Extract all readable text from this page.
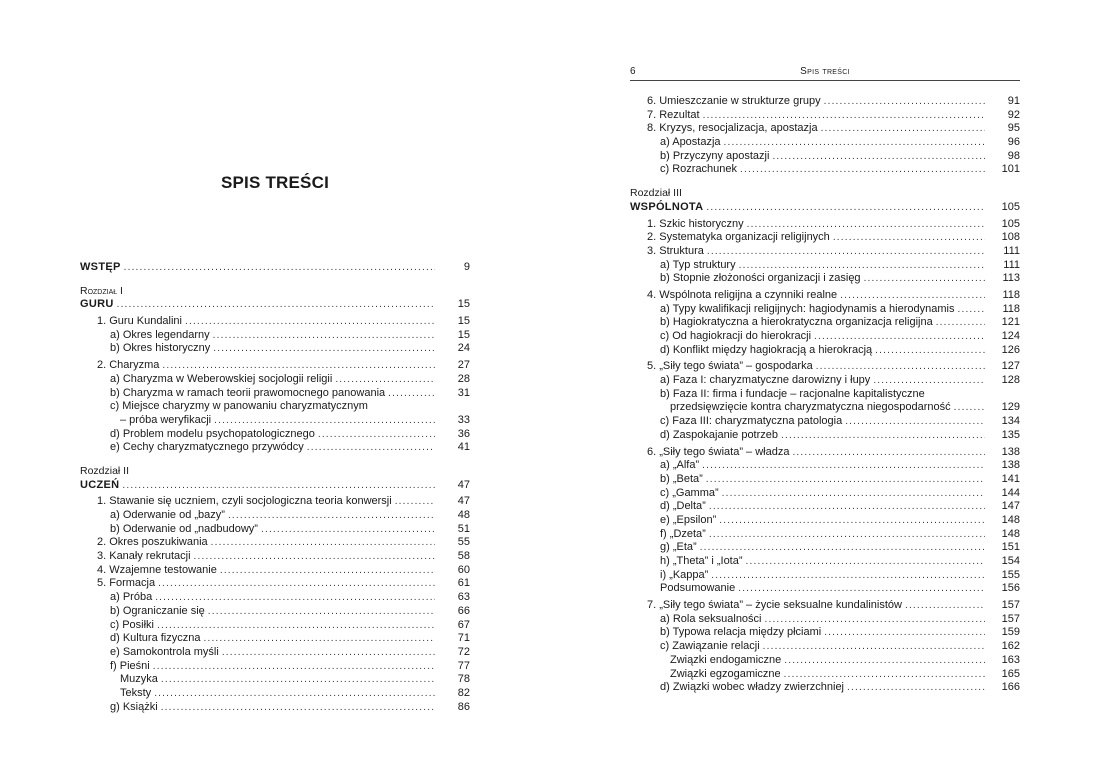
SPIS TREŚCI
WSTĘP .....	9
Rozdział I
GURU .....	15
1. Guru Kundalini .....	15
a) Okres legendarny .....	15
b) Okres historyczny .....	24
2. Charyzma .....	27
a) Charyzma w Weberowskiej socjologii religii .....	28
b) Charyzma w ramach teorii prawomocnego panowania .....	31
c) Miejsce charyzmy w panowaniu charyzmatycznym
– próba weryfikacji .....	33
d) Problem modelu psychopatologicznego .....	36
e) Cechy charyzmatycznego przywódcy .....	41
Rozdział II
UCZEŃ .....	47
1. Stawanie się uczniem, czyli socjologiczna teoria konwersji .....	47
a) Oderwanie od „bazy” .....	48
b) Oderwanie od „nadbudowy” .....	51
2. Okres poszukiwania .....	55
3. Kanały rekrutacji .....	58
4. Wzajemne testowanie .....	60
5. Formacja .....	61
a) Próba .....	63
b) Ograniczanie się .....	66
c) Posiłki .....	67
d) Kultura fizyczna .....	71
e) Samokontrola myśli .....	72
f) Pieśni .....	77
Muzyka .....	78
Teksty .....	82
g) Książki .....	86
6	Spis treści
6. Umieszczanie w strukturze grupy .....	91
7. Rezultat .....	92
8. Kryzys, resocjalizacja, apostazja .....	95
a) Apostazja .....	96
b) Przyczyny apostazji .....	98
c) Rozrachunek .....	101
Rozdział III
WSPÓLNOTA .....	105
1. Szkic historyczny .....	105
2. Systematyka organizacji religijnych .....	108
3. Struktura .....	111
a) Typ struktury .....	111
b) Stopnie złożoności organizacji i zasięg .....	113
4. Wspólnota religijna a czynniki realne .....	118
a) Typy kwalifikacji religijnych: hagiodynamis a hierodynamis .....	118
b) Hagiokratyczna a hierokratyczna organizacja religijna .....	121
c) Od hagiokracji do hierokracji .....	124
d) Konflikt między hagiokracją a hierokracją .....	126
5. „Siły tego świata” – gospodarka .....	127
a) Faza I: charyzmatyczne darowizny i łupy .....	128
b) Faza II: firma i fundacje – racjonalne kapitalistyczne
przedsięwzięcie kontra charyzmatyczna niegospodarność .....	129
c) Faza III: charyzmatyczna patologia .....	134
d) Zaspokajanie potrzeb .....	135
6. „Siły tego świata” – władza .....	138
a) „Alfa” .....	138
b) „Beta” .....	141
c) „Gamma” .....	144
d) „Delta” .....	147
e) „Epsilon” .....	148
f) „Dzeta” .....	148
g) „Eta” .....	151
h) „Theta” i „Iota” .....	154
i) „Kappa” .....	155
Podsumowanie .....	156
7. „Siły tego świata” – życie seksualne kundalinistów .....	157
a) Rola seksualności .....	157
b) Typowa relacja między płciami .....	159
c) Zawiązanie relacji .....	162
Związki endogamiczne .....	163
Związki egzogamiczne .....	165
d) Związki wobec władzy zwierzchniej .....	166
